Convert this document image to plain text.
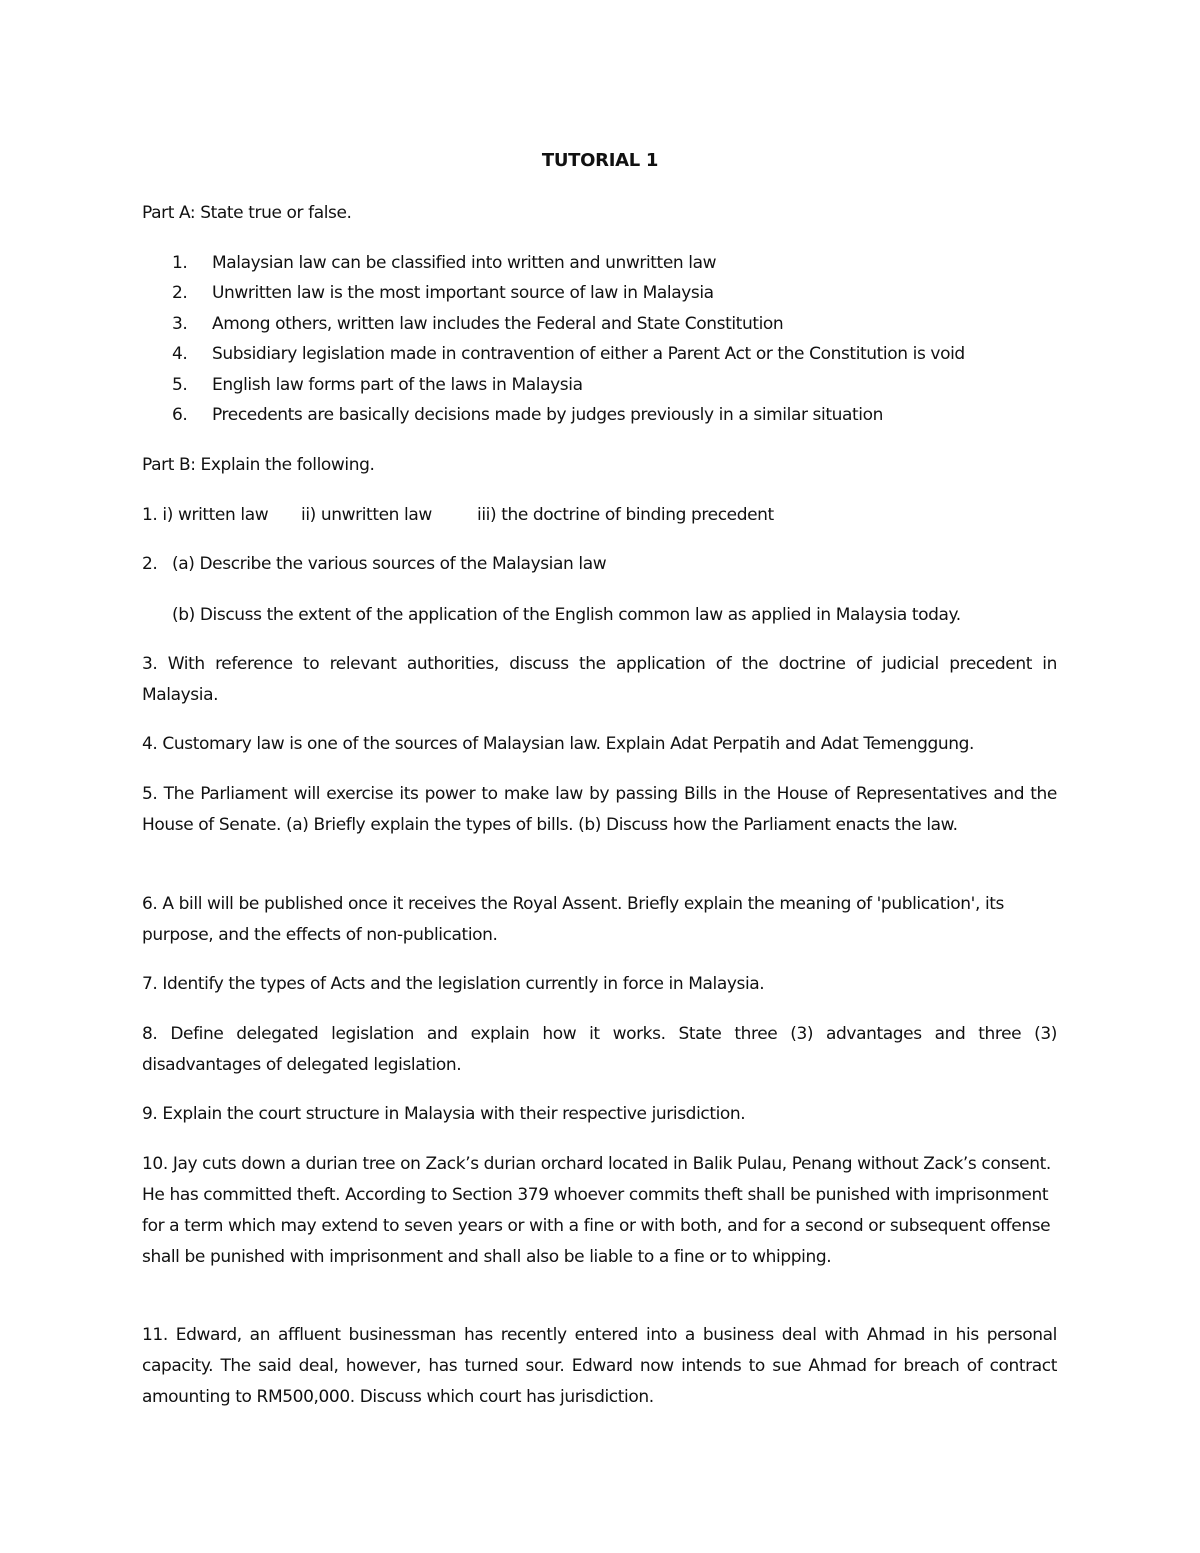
TUTORIAL 1
Part A: State true or false.
1. Malaysian law can be classified into written and unwritten law
2. Unwritten law is the most important source of law in Malaysia
3. Among others, written law includes the Federal and State Constitution
4. Subsidiary legislation made in contravention of either a Parent Act or the Constitution is void
5. English law forms part of the laws in Malaysia
6. Precedents are basically decisions made by judges previously in a similar situation
Part B: Explain the following.
1. i) written law ii) unwritten law	iii) the doctrine of binding precedent
2. (a) Describe the various sources of the Malaysian law
(b) Discuss the extent of the application of the English common law as applied in Malaysia today.
3. With reference to relevant authorities, discuss the application of the doctrine of judicial precedent in Malaysia.
4. Customary law is one of the sources of Malaysian law. Explain Adat Perpatih and Adat Temenggung.
5. The Parliament will exercise its power to make law by passing Bills in the House of Representatives and the House of Senate. (a) Briefly explain the types of bills. (b) Discuss how the Parliament enacts the law.
6. A bill will be published once it receives the Royal Assent. Briefly explain the meaning of 'publication', its purpose, and the effects of non-publication.
7. Identify the types of Acts and the legislation currently in force in Malaysia.
8. Define delegated legislation and explain how it works. State three (3) advantages and three (3) disadvantages of delegated legislation.
9. Explain the court structure in Malaysia with their respective jurisdiction.
10. Jay cuts down a durian tree on Zack’s durian orchard located in Balik Pulau, Penang without Zack’s consent. He has committed theft. According to Section 379 whoever commits theft shall be punished with imprisonment for a term which may extend to seven years or with a fine or with both, and for a second or subsequent offense shall be punished with imprisonment and shall also be liable to a fine or to whipping.
11. Edward, an affluent businessman has recently entered into a business deal with Ahmad in his personal capacity. The said deal, however, has turned sour. Edward now intends to sue Ahmad for breach of contract amounting to RM500,000. Discuss which court has jurisdiction.
